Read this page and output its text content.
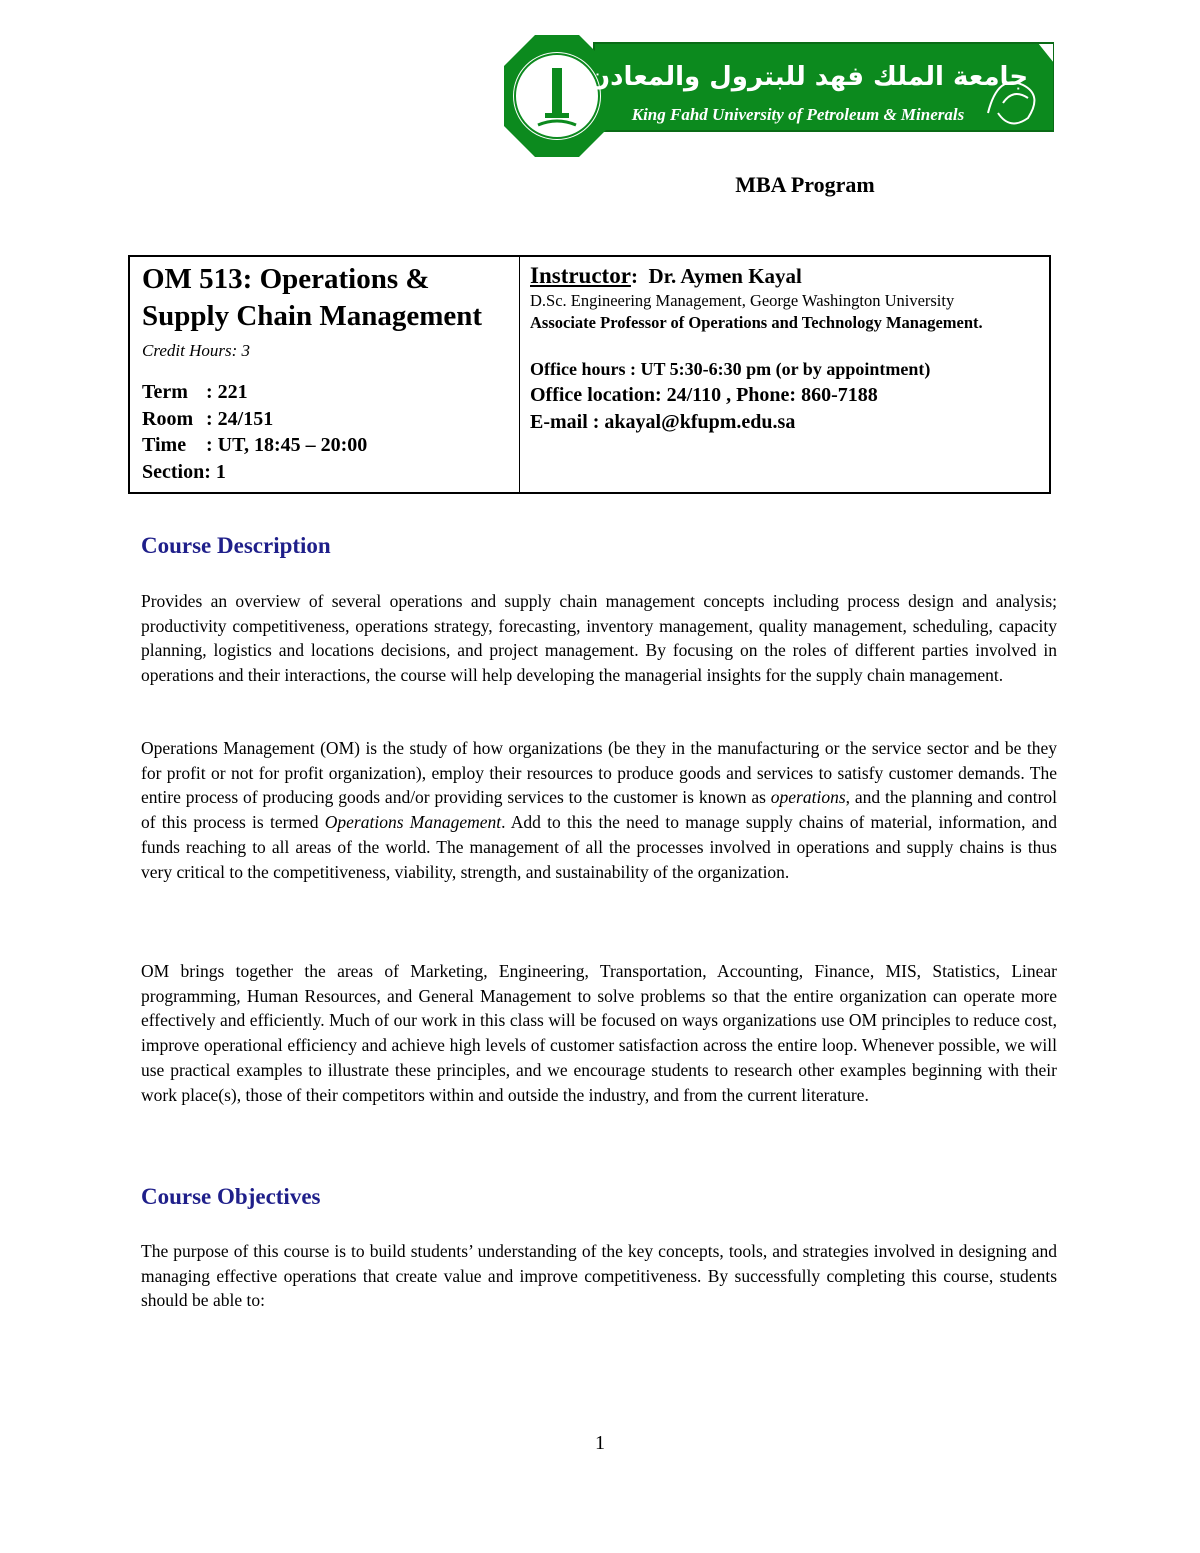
جامعة الملك فهد للبترول والمعادن
King Fahd University of Petroleum & Minerals
MBA Program

OM 513: Operations &
Supply Chain Management

Credit Hours: 3
Term : 221
Room : 24/151
Time : UT, 18:45 – 20:00
Section: 1
Instructor:  Dr. Aymen Kayal
D.Sc. Engineering Management, George Washington University
Associate Professor of Operations and Technology Management.
Office hours : UT 5:30-6:30 pm (or by appointment)
Office location: 24/110 , Phone: 860-7188
E-mail : akayal@kfupm.edu.sa
Course Description

Provides an overview of several operations and supply chain management concepts including process design and analysis; productivity competitiveness, operations strategy, forecasting, inventory management, quality management, scheduling, capacity planning, logistics and locations decisions, and project management. By focusing on the roles of different parties involved in operations and their interactions, the course will help developing the managerial insights for the supply chain management.

Operations Management (OM) is the study of how organizations (be they in the manufacturing or the service sector and be they for profit or not for profit organization), employ their resources to produce goods and services to satisfy customer demands. The entire process of producing goods and/or providing services to the customer is known as operations, and the planning and control of this process is termed Operations Management. Add to this the need to manage supply chains of material, information, and funds reaching to all areas of the world. The management of all the processes involved in operations and supply chains is thus very critical to the competitiveness, viability, strength, and sustainability of the organization.

OM brings together the areas of Marketing, Engineering, Transportation, Accounting, Finance, MIS, Statistics, Linear programming, Human Resources, and General Management to solve problems so that the entire organization can operate more effectively and efficiently. Much of our work in this class will be focused on ways organizations use OM principles to reduce cost, improve operational efficiency and achieve high levels of customer satisfaction across the entire loop. Whenever possible, we will use practical examples to illustrate these principles, and we encourage students to research other examples beginning with their work place(s), those of their competitors within and outside the industry, and from the current literature.

Course Objectives

The purpose of this course is to build students’ understanding of the key concepts, tools, and strategies involved in designing and managing effective operations that create value and improve competitiveness. By successfully completing this course, students should be able to:

1
